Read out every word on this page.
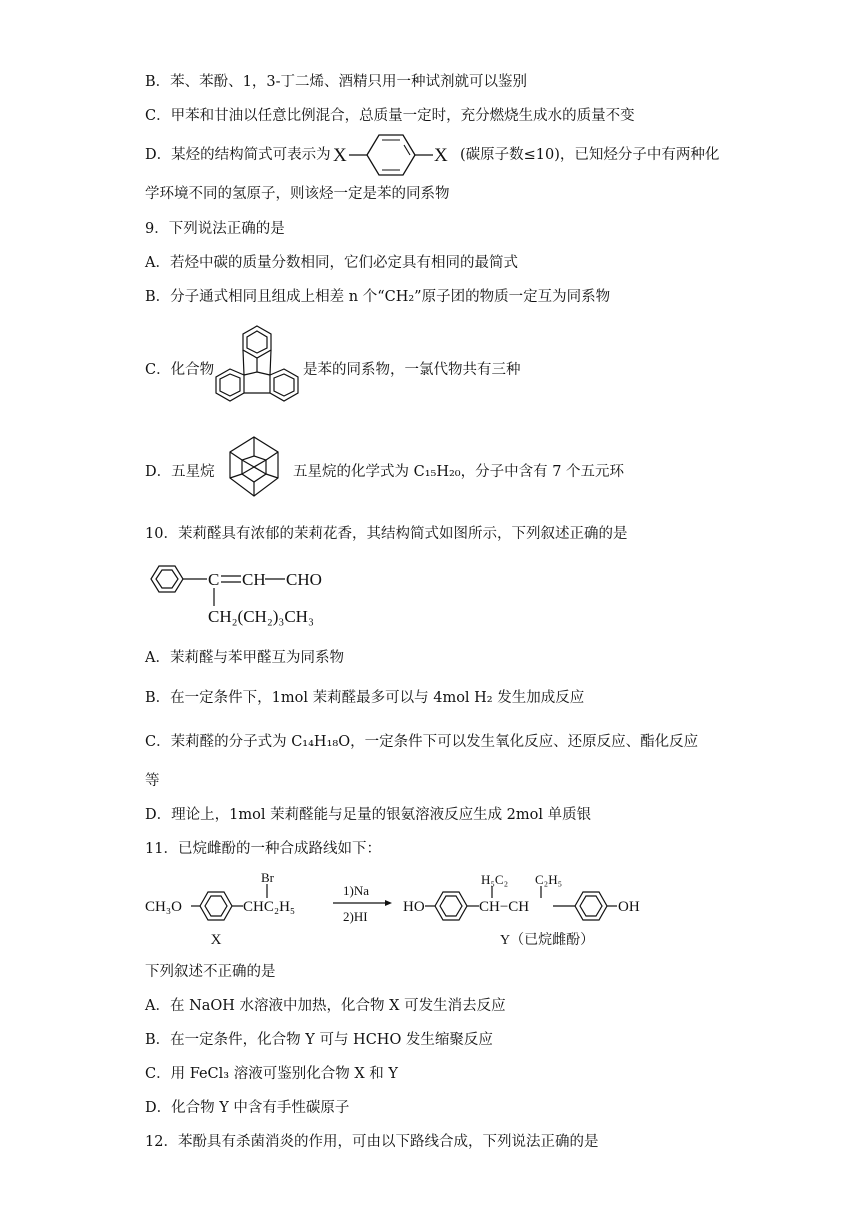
B．苯、苯酚、1，3-丁二烯、酒精只用一种试剂就可以鉴别
C．甲苯和甘油以任意比例混合，总质量一定时，充分燃烧生成水的质量不变
D．某烃的结构简式可表示为 X	X (碳原子数≤10)，已知烃分子中有两种化
学环境不同的氢原子，则该烃一定是苯的同系物
9．下列说法正确的是
A．若烃中碳的质量分数相同，它们必定具有相同的最简式
B．分子通式相同且组成上相差 n 个“CH₂”原子团的物质一定互为同系物
C．化合物	是苯的同系物，一氯代物共有三种
D．五星烷	五星烷的化学式为 C₁₅H₂₀，分子中含有 7 个五元环
10．茉莉醛具有浓郁的茉莉花香，其结构简式如图所示，下列叙述正确的是
C CH CHO
CH₂(CH₂)₃CH₃
A．茉莉醛与苯甲醛互为同系物
B．在一定条件下，1mol 茉莉醛最多可以与 4mol H₂ 发生加成反应
C．茉莉醛的分子式为 C₁₄H₁₈O，一定条件下可以发生氧化反应、还原反应、酯化反应
等
D．理论上，1mol 茉莉醛能与足量的银氨溶液反应生成 2mol 单质银
11．已烷雌酚的一种合成路线如下：
CH₃O
Br
CHC₂H₅
X
1)Na
2)HI
HO
H₅C₂ C₂H₅
CH−CH	OH
Y（已烷雌酚）
下列叙述不正确的是
A．在 NaOH 水溶液中加热，化合物 X 可发生消去反应
B．在一定条件，化合物 Y 可与 HCHO 发生缩聚反应
C．用 FeCl₃ 溶液可鉴别化合物 X 和 Y
D．化合物 Y 中含有手性碳原子
12．苯酚具有杀菌消炎的作用，可由以下路线合成，下列说法正确的是
